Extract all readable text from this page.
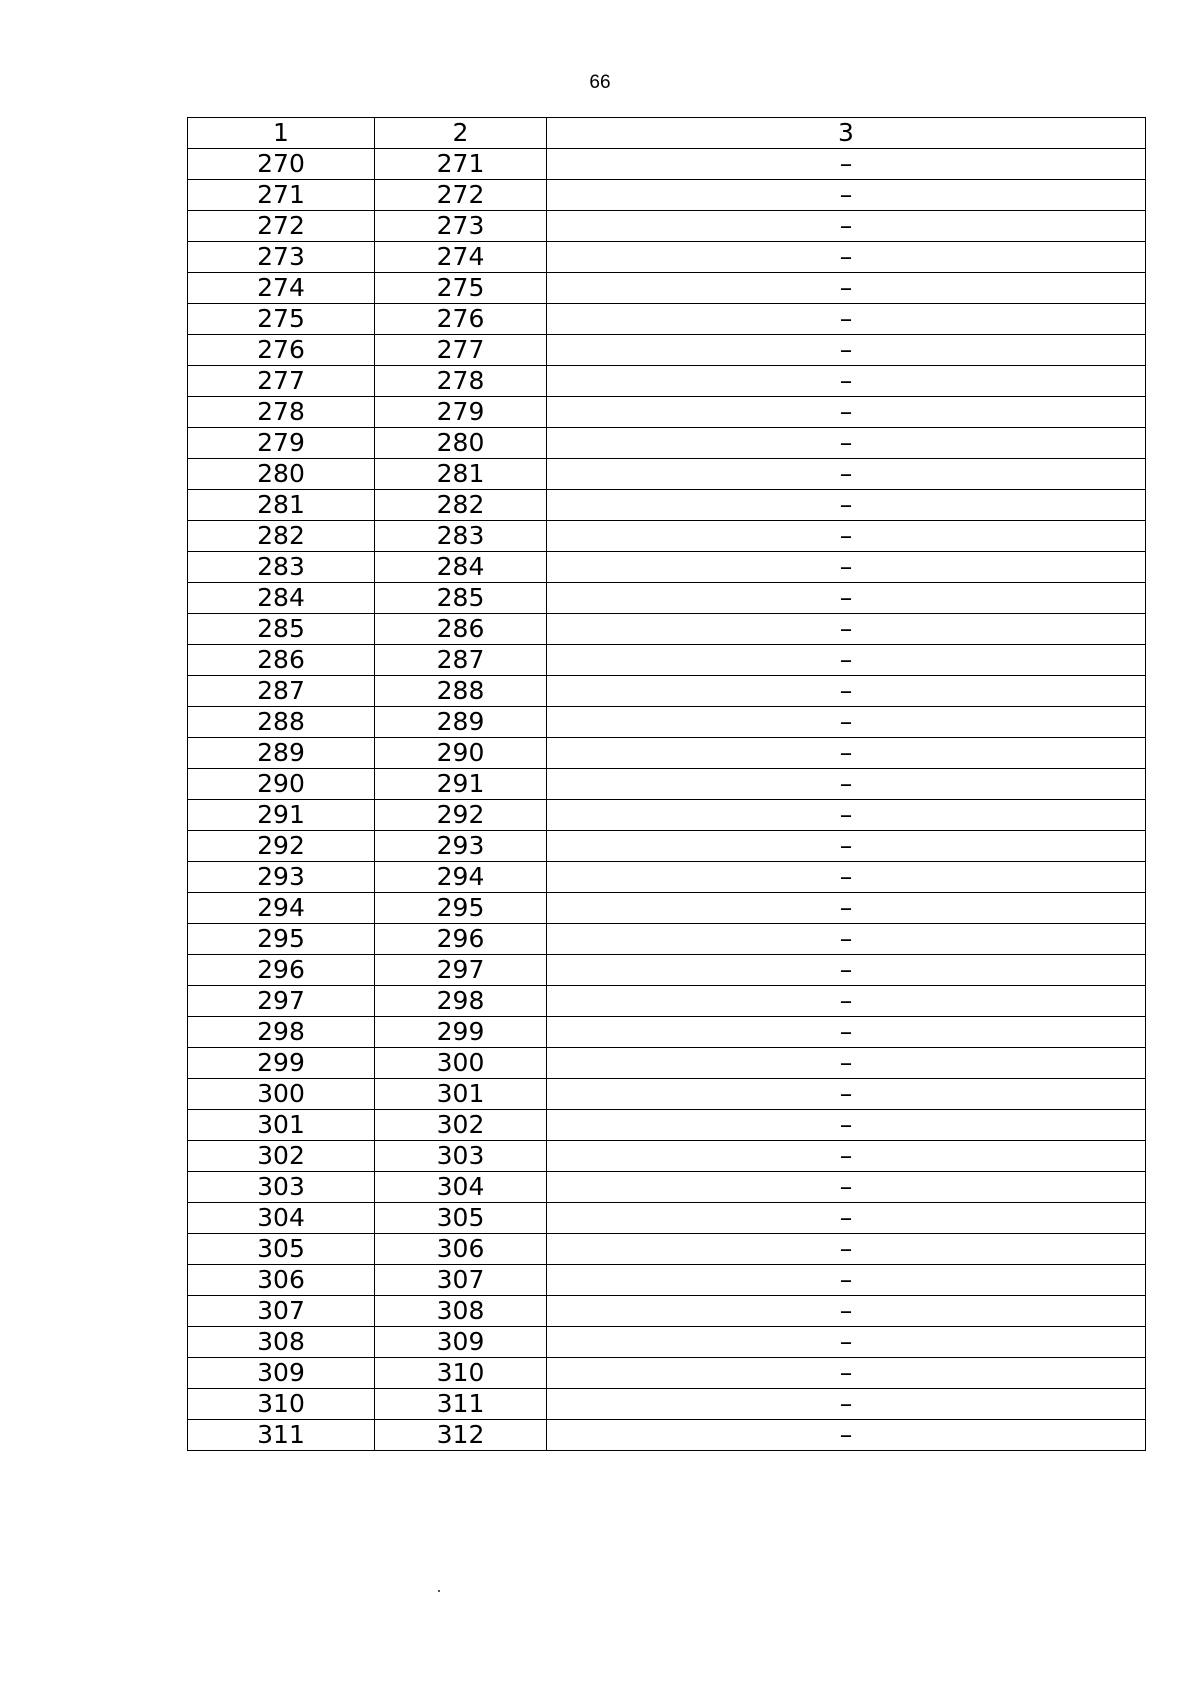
66
1	2	3
270	271	–
271	272	–
272	273	–
273	274	–
274	275	–
275	276	–
276	277	–
277	278	–
278	279	–
279	280	–
280	281	–
281	282	–
282	283	–
283	284	–
284	285	–
285	286	–
286	287	–
287	288	–
288	289	–
289	290	–
290	291	–
291	292	–
292	293	–
293	294	–
294	295	–
295	296	–
296	297	–
297	298	–
298	299	–
299	300	–
300	301	–
301	302	–
302	303	–
303	304	–
304	305	–
305	306	–
306	307	–
307	308	–
308	309	–
309	310	–
310	311	–
311	312	–
